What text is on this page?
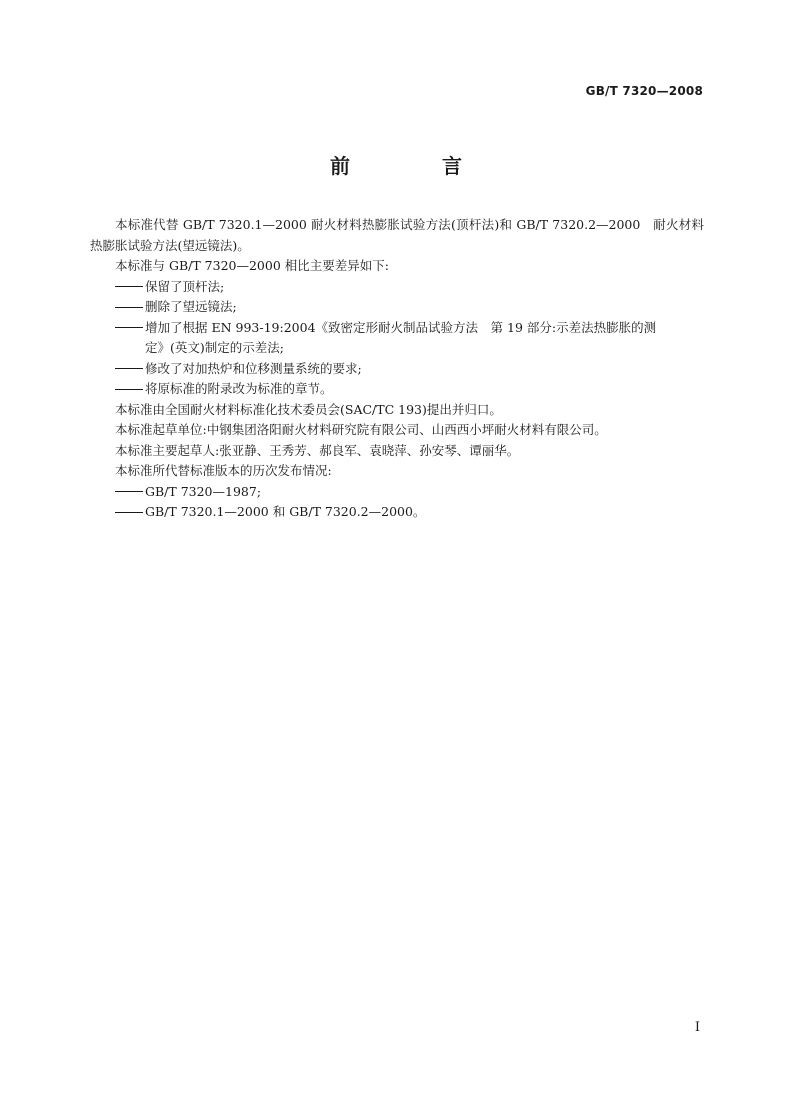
GB/T 7320—2008
前　言

本标准代替 GB/T 7320.1—2000 耐火材料热膨胀试验方法(顶杆法)和 GB/T 7320.2—2000　耐火材料热膨胀试验方法(望远镜法)。

本标准与 GB/T 7320—2000 相比主要差异如下:

保留了顶杆法;

删除了望远镜法;

增加了根据 EN 993-19:2004《致密定形耐火制品试验方法　第 19 部分:示差法热膨胀的测

定》(英文)制定的示差法;

修改了对加热炉和位移测量系统的要求;

将原标准的附录改为标准的章节。

本标准由全国耐火材料标准化技术委员会(SAC/TC 193)提出并归口。

本标准起草单位:中钢集团洛阳耐火材料研究院有限公司、山西西小坪耐火材料有限公司。

本标准主要起草人:张亚静、王秀芳、郝良军、袁晓萍、孙安琴、谭丽华。

本标准所代替标准版本的历次发布情况:

GB/T 7320—1987;

GB/T 7320.1—2000 和 GB/T 7320.2—2000。

I
